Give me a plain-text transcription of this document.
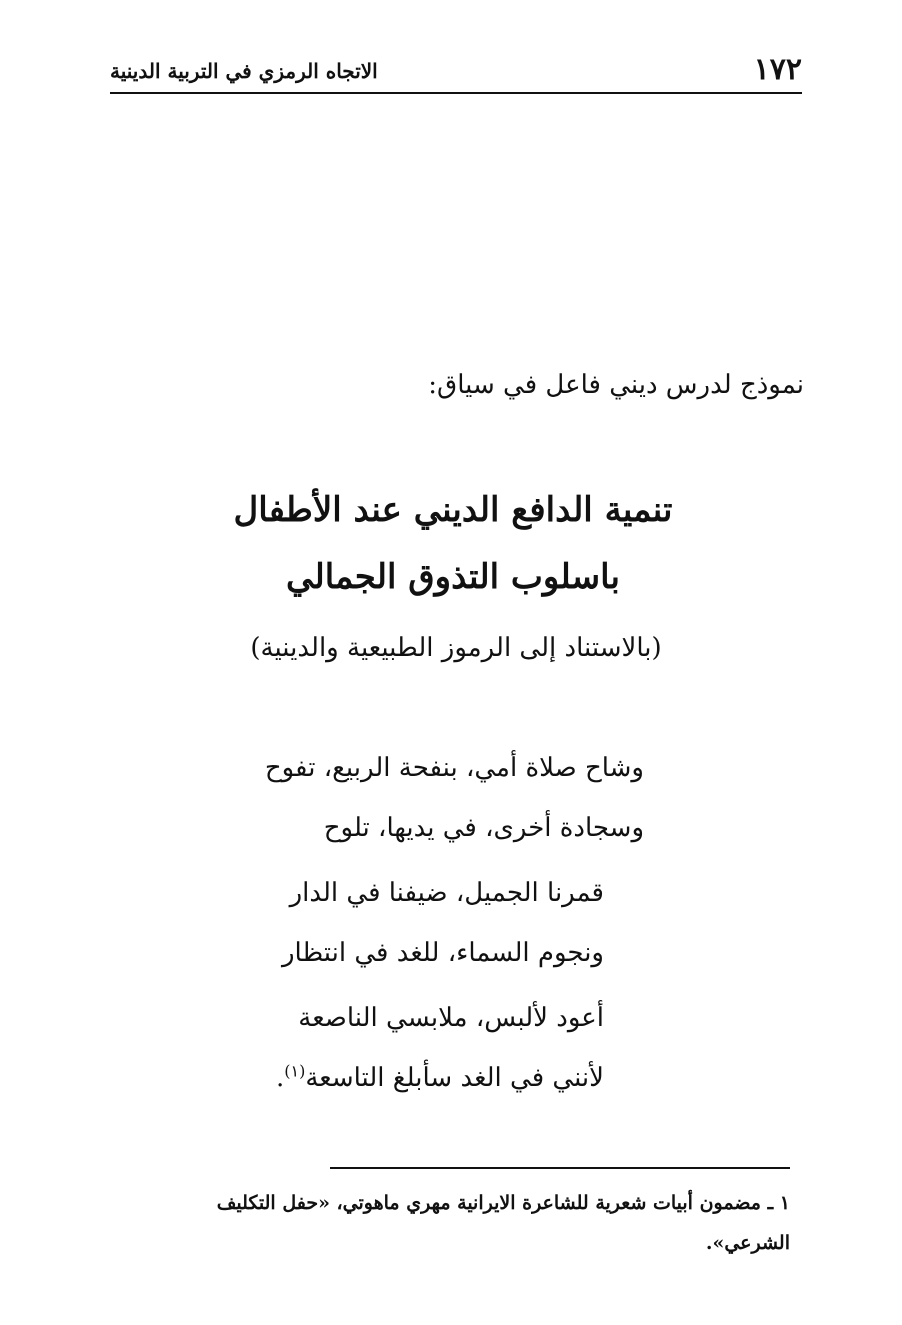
١٧٢
الاتجاه الرمزي في التربية الدينية
نموذج لدرس ديني فاعل في سياق:
تنمية الدافع الديني عند الأطفال
باسلوب التذوق الجمالي
(بالاستناد إلى الرموز الطبيعية والدينية)
وشاح صلاة أمي، بنفحة الربيع، تفوح
وسجادة أخرى، في يديها، تلوح
قمرنا الجميل، ضيفنا في الدار
ونجوم السماء، للغد في انتظار
أعود لألبس، ملابسي الناصعة
لأنني في الغد سأبلغ التاسعة$^{(١)}$.
١ ـ مضمون أبيات شعرية للشاعرة الايرانية مهري ماهوتي، «حفل التكليف
الشرعي».
